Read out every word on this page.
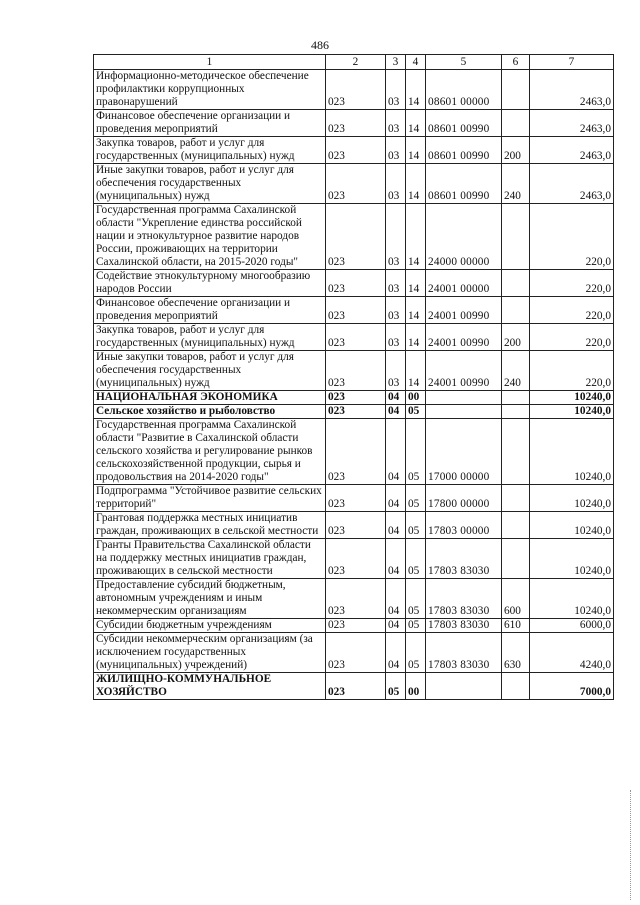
486
1	2	3	4	5	6	7
Информационно-методическое обеспечение профилактики коррупционных правонарушений	023	03	14	08601 00000		2463,0
Финансовое обеспечение организации и проведения мероприятий	023	03	14	08601 00990		2463,0
Закупка товаров, работ и услуг для государственных (муниципальных) нужд	023	03	14	08601 00990	200	2463,0
Иные закупки товаров, работ и услуг для обеспечения государственных (муниципальных) нужд	023	03	14	08601 00990	240	2463,0
Государственная программа Сахалинской области "Укрепление единства российской нации и этнокультурное развитие народов России, проживающих на территории Сахалинской области, на 2015-2020 годы"	023	03	14	24000 00000		220,0
Содействие этнокультурному многообразию народов России	023	03	14	24001 00000		220,0
Финансовое обеспечение организации и проведения мероприятий	023	03	14	24001 00990		220,0
Закупка товаров, работ и услуг для государственных (муниципальных) нужд	023	03	14	24001 00990	200	220,0
Иные закупки товаров, работ и услуг для обеспечения государственных (муниципальных) нужд	023	03	14	24001 00990	240	220,0
НАЦИОНАЛЬНАЯ ЭКОНОМИКА	023	04	00			10240,0
Сельское хозяйство и рыболовство	023	04	05			10240,0
Государственная программа Сахалинской области "Развитие в Сахалинской области сельского хозяйства и регулирование рынков сельскохозяйственной продукции, сырья и продовольствия на 2014-2020 годы"	023	04	05	17000 00000		10240,0
Подпрограмма "Устойчивое развитие сельских территорий"	023	04	05	17800 00000		10240,0
Грантовая поддержка местных инициатив граждан, проживающих в сельской местности	023	04	05	17803 00000		10240,0
Гранты Правительства Сахалинской области на поддержку местных инициатив граждан, проживающих в сельской местности	023	04	05	17803 83030		10240,0
Предоставление субсидий бюджетным, автономным учреждениям и иным некоммерческим организациям	023	04	05	17803 83030	600	10240,0
Субсидии бюджетным учреждениям	023	04	05	17803 83030	610	6000,0
Субсидии некоммерческим организациям (за исключением государственных (муниципальных) учреждений)	023	04	05	17803 83030	630	4240,0
ЖИЛИЩНО-КОММУНАЛЬНОЕ ХОЗЯЙСТВО	023	05	00			7000,0
